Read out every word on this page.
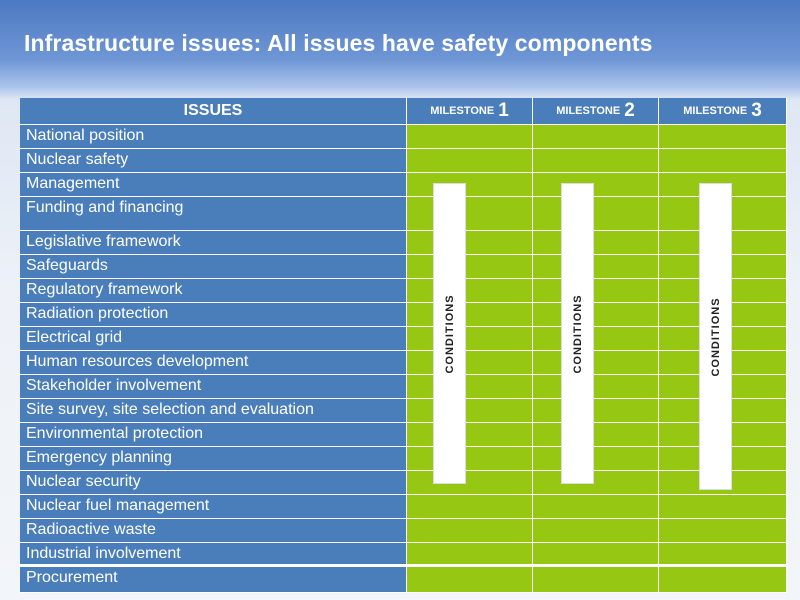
Infrastructure issues: All issues have safety components
ISSUES	MILESTONE 1	MILESTONE 2	MILESTONE 3
National position
Nuclear safety
Management
Funding and financing
Legislative framework
Safeguards
Regulatory framework
Radiation protection
Electrical grid
Human resources development
Stakeholder involvement
Site survey, site selection and evaluation
Environmental protection
Emergency planning
Nuclear security
Nuclear fuel management
Radioactive waste
Industrial involvement
Procurement
CONDITIONS	CONDITIONS	CONDITIONS
